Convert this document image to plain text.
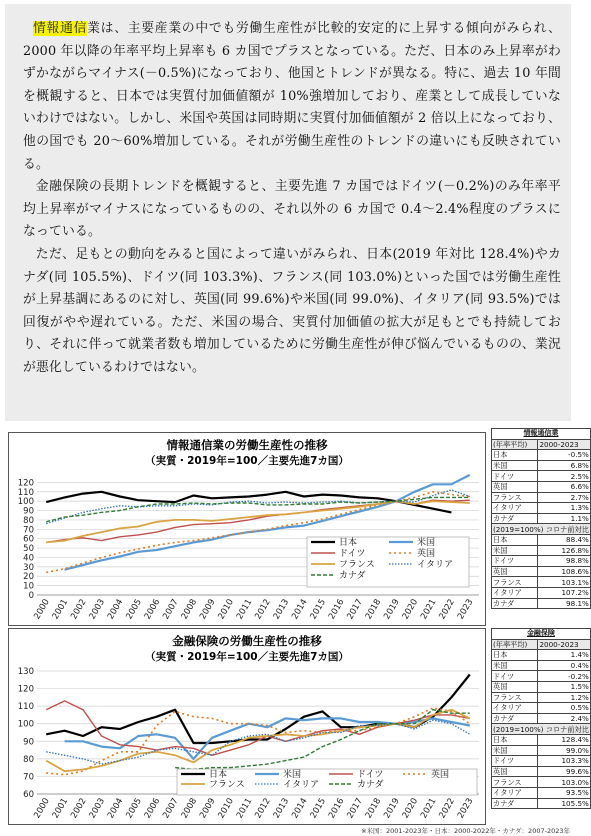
情報通信業は、主要産業の中でも労働生産性が比較的安定的に上昇する傾向がみられ、2000 年以降の年率平均上昇率も 6 カ国でプラスとなっている。ただ、日本のみ上昇率がわずかながらマイナス(－0.5%)になっており、他国とトレンドが異なる。特に、過去 10 年間を概観すると、日本では実質付加価値額が 10%強増加しており、産業として成長していないわけではない。しかし、米国や英国は同時期に実質付加価値額が 2 倍以上になっており、他の国でも 20～60%増加している。それが労働生産性のトレンドの違いにも反映されている。

金融保険の長期トレンドを概観すると、主要先進 7 カ国ではドイツ(－0.2%)のみ年率平均上昇率がマイナスになっているものの、それ以外の 6 カ国で 0.4～2.4%程度のプラスになっている。

ただ、足もとの動向をみると国によって違いがみられ、日本(2019 年対比 128.4%)やカナダ(同 105.5%)、ドイツ(同 103.3%)、フランス(同 103.0%)といった国では労働生産性が上昇基調にあるのに対し、英国(同 99.6%)や米国(同 99.0%)、イタリア(同 93.5%)では回復がやや遅れている。ただ、米国の場合、実質付加価値の拡大が足もとでも持続しており、それに伴って就業者数も増加しているために労働生産性が伸び悩んでいるものの、業況が悪化しているわけではない。

情報通信業の労働生産性の推移
（実質・2019年=100／主要先進7カ国）
0
10
20
30
40
50
60
70
80
90
100
110
120
2000
2001
2002
2003
2004
2005
2006
2007
2008
2009
2010
2011
2012
2013
2014
2015
2016
2017
2018
2019
2020
2021
2022
2023
日本	米国
ドイツ	英国
フランス	イタリア
カナダ
金融保険の労働生産性の推移
（実質・2019年=100／主要先進7カ国）
60
70
80
90
100
110
120
130
2000
2001
2002
2003
2004
2005
2006
2007
2008
2009
2010
2011
2012
2013
2014
2015
2016
2017
2018
2019
2020
2021
2022
2023
日本	米国	ドイツ	英国
フランス	イタリア	カナダ
情報通信業	
(年率平均)	2000-2023
日本	-0.5%
米国	6.8%
ドイツ	2.5%
英国	6.6%
フランス	2.7%
イタリア	1.3%
カナダ	1.1%
(2019=100%) コロナ前対比	
日本	88.4%
米国	126.8%
ドイツ	98.8%
英国	108.6%
フランス	103.1%
イタリア	107.2%
カナダ	98.1%
金融保険	
(年率平均)	2000-2023
日本	1.4%
米国	0.4%
ドイツ	-0.2%
英国	1.5%
フランス	1.2%
イタリア	0.5%
カナダ	2.4%
(2019=100%) コロナ前対比	
日本	128.4%
米国	99.0%
ドイツ	103.3%
英国	99.6%
フランス	103.0%
イタリア	93.5%
カナダ	105.5%
※米国：2001-2023年・日本：2000-2022年・カナダ：2007-2023年
